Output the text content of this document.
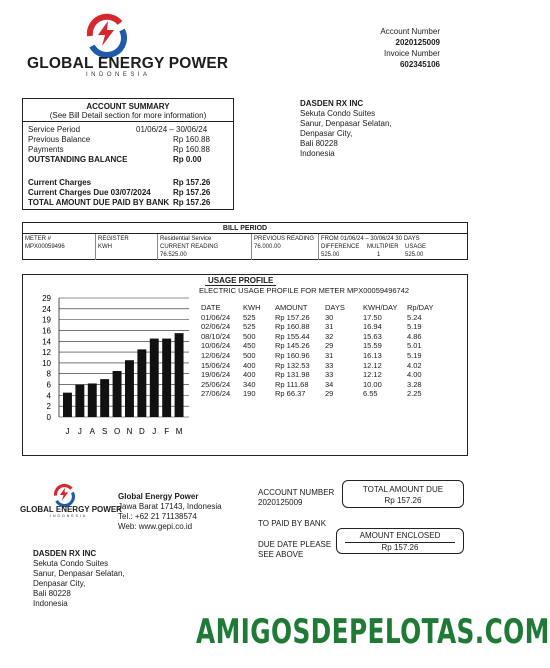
GLOBAL ENERGY POWER
INDONESIA
Account Number
2020125009
Invoice Number
602345106
ACCOUNT SUMMARY
(See Bill Detail section for more information)
Service Period	01/06/24 – 30/06/24
Previous Balance	Rp 160.88
Payments	Rp 160.88
OUTSTANDING BALANCE	Rp 0.00
Current Charges	Rp 157.26
Current Charges Due 03/07/2024	Rp 157.26
TOTAL AMOUNT DUE PAID BY BANK Rp 157.26
DASDEN RX INC
Sekuta Condo Suites
Sanur, Denpasar Selatan,
Denpasar City,
Bali 80228
Indonesia
BILL PERIOD
METER #
MPX00059496
REGISTER
KWH
Residential Service
CURRENT READING
76.525.00
PREVIOUS READING
76.000.00
FROM 01/06/24 – 30/06/24 30 DAYS
DIFFERENCE MULTIPIER USAGE
525.00	1	525.00
USAGE PROFILE
ELECTRIC USAGE PROFILE FOR METER MPX00059496742
0
2
4
6
8
10
12
14
16
19
24
29
J J A S O N D J F M
DATE	KWH	AMOUNT	DAYS	KWH/DAY	Rp/DAY
01/06/24	525	Rp 157.26	30	17.50	5.24
02/06/24	525	Rp 160.88	31	16.94	5.19
08/10/24	500	Rp 155.44	32	15.63	4.86
10/06/24	450	Rp 145.26	29	15.59	5.01
12/06/24	500	Rp 160.96	31	16.13	5.19
15/06/24	400	Rp 132.53	33	12.12	4.02
19/06/24	400	Rp 131.98	33	12.12	4.00
25/06/24	340	Rp 111.68	34	10.00	3.28
27/06/24	190	Rp 66.37	29	6.55	2.25
GLOBAL ENERGY POWER
INDONESIA
Global Energy Power
Jawa Barat 17143, Indonesia
Tel.: +62 21 71138574
Web: www.gepi.co.id
ACCOUNT NUMBER
2020125009
TO PAID BY BANK
DUE DATE PLEASE
SEE ABOVE
TOTAL AMOUNT DUE
Rp 157.26
AMOUNT ENCLOSED
Rp 157.26
DASDEN RX INC
Sekuta Condo Suites
Sanur, Denpasar Selatan,
Denpasar City,
Bali 80228
Indonesia
AMIGOSDEPELOTAS.COM
